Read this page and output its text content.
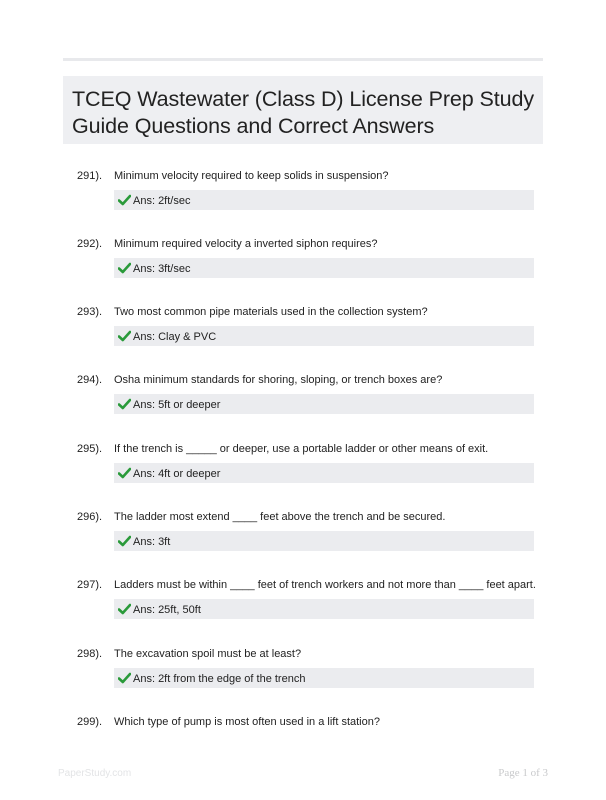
TCEQ Wastewater (Class D) License Prep Study Guide Questions and Correct Answers
291). Minimum velocity required to keep solids in suspension?
Ans: 2ft/sec
292). Minimum required velocity a inverted siphon requires?
Ans: 3ft/sec
293). Two most common pipe materials used in the collection system?
Ans: Clay & PVC
294). Osha minimum standards for shoring, sloping, or trench boxes are?
Ans: 5ft or deeper
295). If the trench is _____ or deeper, use a portable ladder or other means of exit.
Ans: 4ft or deeper
296). The ladder most extend ____ feet above the trench and be secured.
Ans: 3ft
297). Ladders must be within ____ feet of trench workers and not more than ____ feet apart.
Ans: 25ft, 50ft
298). The excavation spoil must be at least?
Ans: 2ft from the edge of the trench
299). Which type of pump is most often used in a lift station?
PaperStudy.com	Page 1 of 3
